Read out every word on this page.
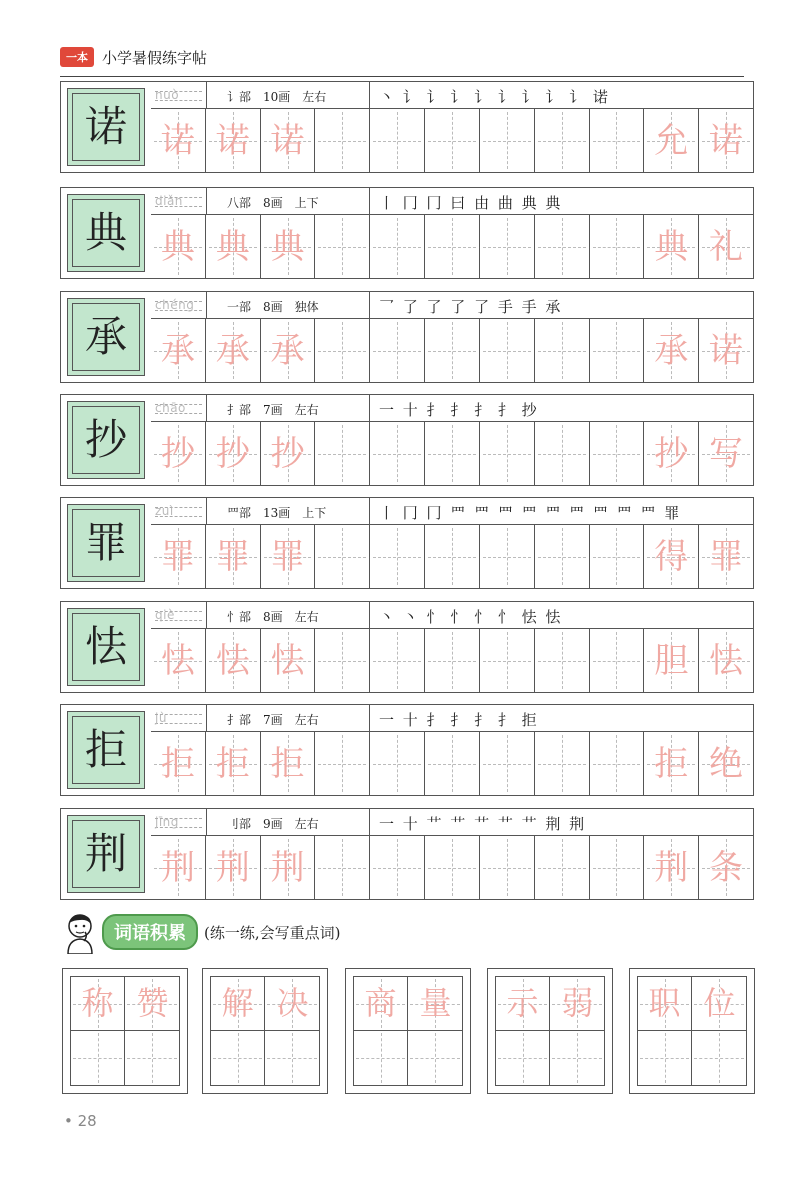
一本 小学暑假练字帖
诺
nuò	讠部 10画 左右	丶 讠 讠 讠 讠 讠 讠 讠 讠 诺
诺 诺 诺	允 诺
典
diǎn	八部 8画 上下	丨 冂 冂 曰 由 曲 典 典
典 典 典	典 礼
承
chéng	一部 8画 独体	乛 了 了 了 了 手 手 承
承 承 承	承 诺
抄
chāo	扌部 7画 左右	一 十 扌 扌 扌 扌 抄
抄 抄 抄	抄 写
罪
zuì	罒部 13画 上下	丨 冂 冂 罒 罒 罒 罒 罒 罒 罒 罒 罒 罪
罪 罪 罪	得 罪
怯
qiè	忄部 8画 左右	丶 丶 忄 忄 忄 忄 怯 怯
怯 怯 怯	胆 怯
拒
jù	扌部 7画 左右	一 十 扌 扌 扌 扌 拒
拒 拒 拒	拒 绝
荆
jīng	刂部 9画 左右	一 十 艹 艹 艹 艹 艹 荆 荆
荆 荆 荆	荆 条
词语积累	(练一练,会写重点词)
称 赞 解 决 商 量 示 弱 职 位
• 28
